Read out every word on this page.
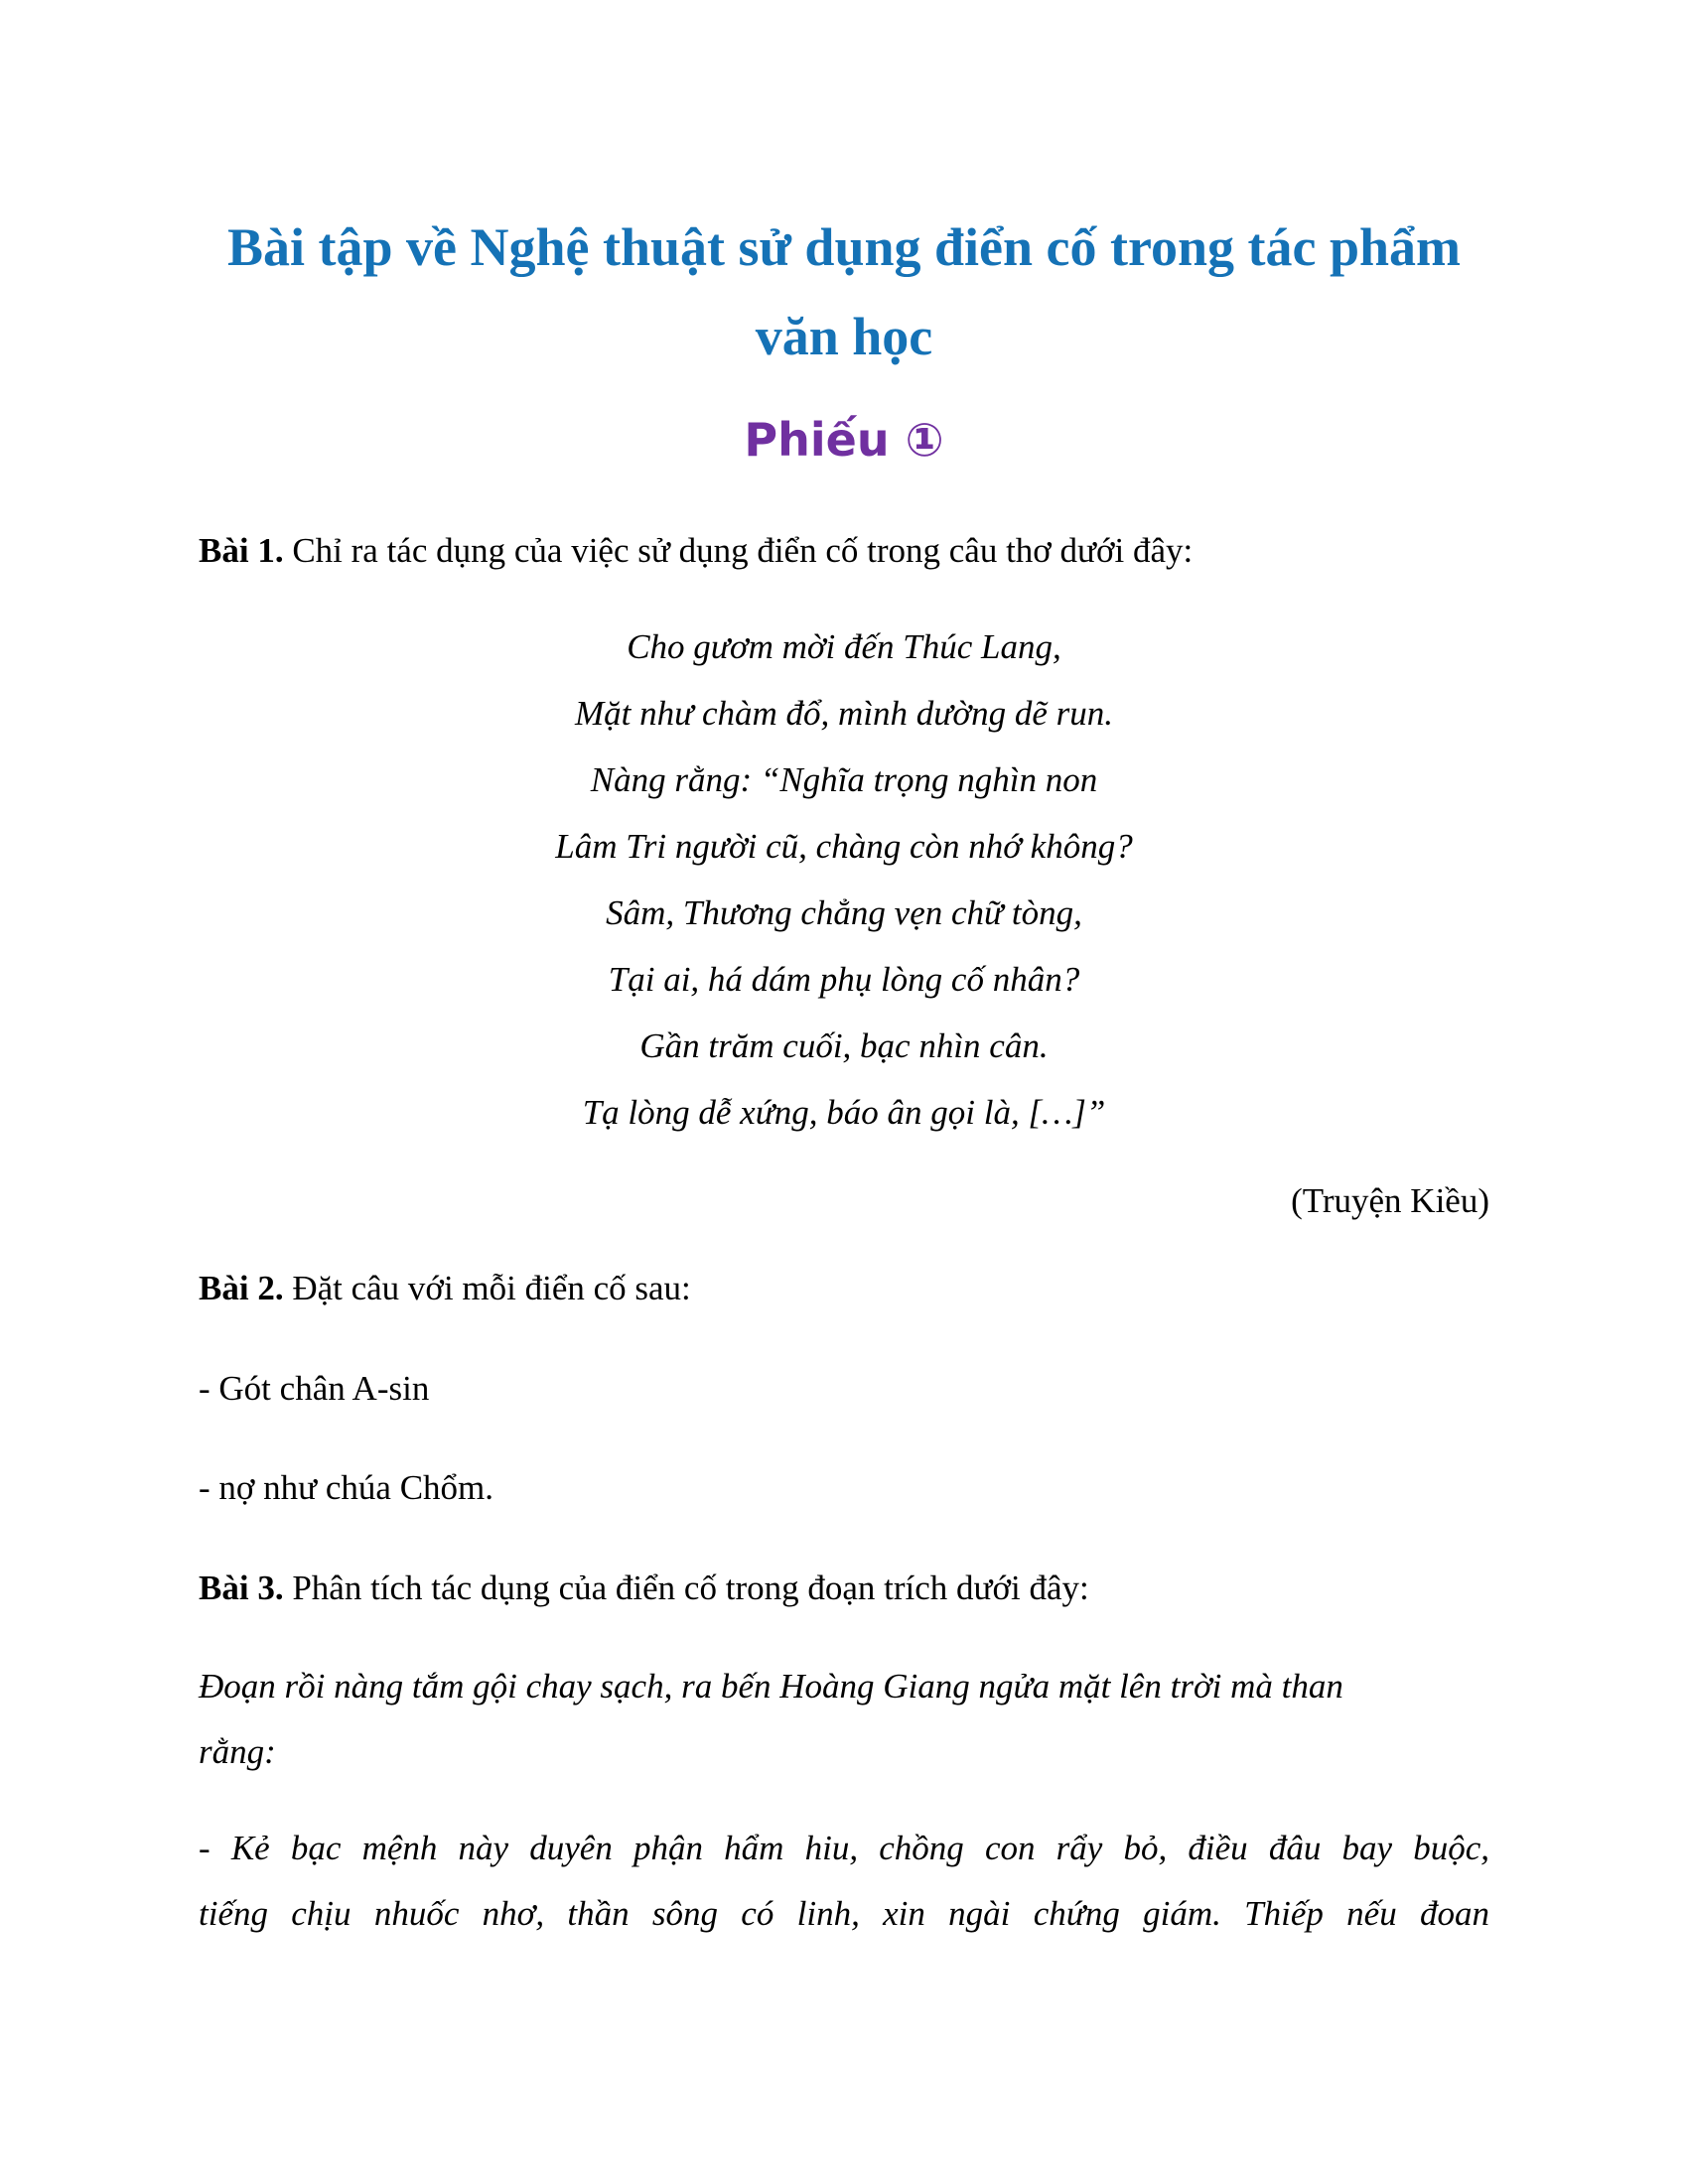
Bài tập về Nghệ thuật sử dụng điển cố trong tác phẩm
văn học
Phiếu ①
Bài 1. Chỉ ra tác dụng của việc sử dụng điển cố trong câu thơ dưới đây:
Cho gươm mời đến Thúc Lang,
Mặt như chàm đổ, mình dường dẽ run.
Nàng rằng: “Nghĩa trọng nghìn non
Lâm Tri người cũ, chàng còn nhớ không?
Sâm, Thương chẳng vẹn chữ tòng,
Tại ai, há dám phụ lòng cố nhân?
Gần trăm cuối, bạc nhìn cân.
Tạ lòng dễ xứng, báo ân gọi là, […]”
(Truyện Kiều)
Bài 2. Đặt câu với mỗi điển cố sau:
- Gót chân A-sin
- nợ như chúa Chổm.
Bài 3. Phân tích tác dụng của điển cố trong đoạn trích dưới đây:
Đoạn rồi nàng tắm gội chay sạch, ra bến Hoàng Giang ngửa mặt lên trời mà than
rằng:
- Kẻ bạc mệnh này duyên phận hẩm hiu, chồng con rẩy bỏ, điều đâu bay buộc,
tiếng chịu nhuốc nhơ, thần sông có linh, xin ngài chứng giám. Thiếp nếu đoan
